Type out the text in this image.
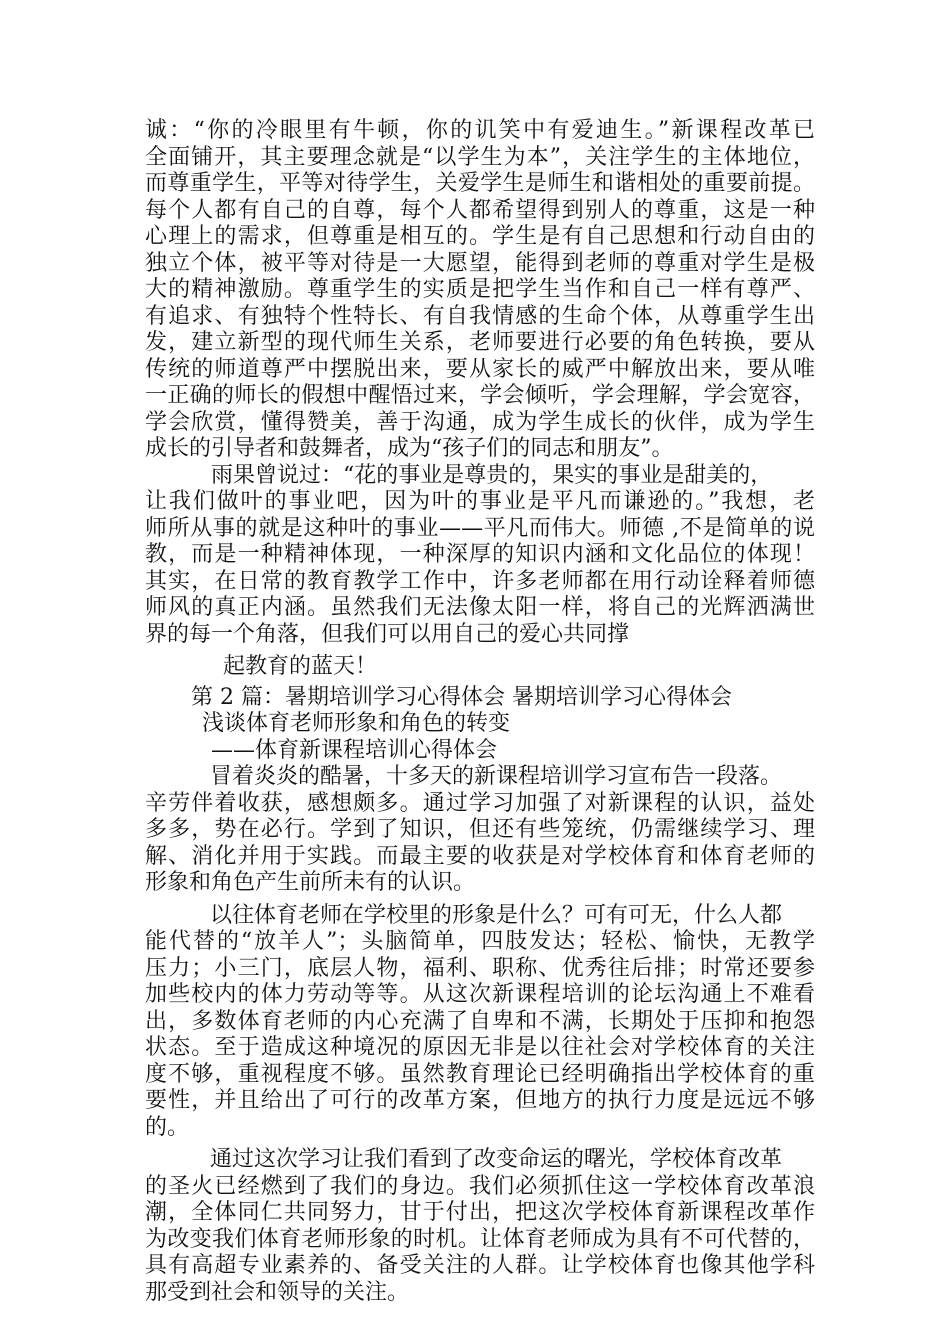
诚：“你的冷眼里有牛顿，你的讥笑中有爱迪生。”新课程改革已
全面铺开，其主要理念就是“以学生为本”，关注学生的主体地位，
而尊重学生，平等对待学生，关爱学生是师生和谐相处的重要前提。
每个人都有自己的自尊，每个人都希望得到别人的尊重，这是一种
心理上的需求，但尊重是相互的。学生是有自己思想和行动自由的
独立个体，被平等对待是一大愿望，能得到老师的尊重对学生是极
大的精神激励。尊重学生的实质是把学生当作和自己一样有尊严、
有追求、有独特个性特长、有自我情感的生命个体，从尊重学生出
发，建立新型的现代师生关系，老师要进行必要的角色转换，要从
传统的师道尊严中摆脱出来，要从家长的威严中解放出来，要从唯
一正确的师长的假想中醒悟过来，学会倾听，学会理解，学会宽容，
学会欣赏，懂得赞美，善于沟通，成为学生成长的伙伴，成为学生
成长的引导者和鼓舞者，成为“孩子们的同志和朋友”。
雨果曾说过：“花的事业是尊贵的，果实的事业是甜美的，
让我们做叶的事业吧，因为叶的事业是平凡而谦逊的。”我想，老
师所从事的就是这种叶的事业——平凡而伟大。师德 ,不是简单的说
教，而是一种精神体现，一种深厚的知识内涵和文化品位的体现！
其实，在日常的教育教学工作中，许多老师都在用行动诠释着师德
师风的真正内涵。虽然我们无法像太阳一样，将自己的光辉洒满世
界的每一个角落，但我们可以用自己的爱心共同撑
起教育的蓝天！
第 2 篇：暑期培训学习心得体会 暑期培训学习心得体会
浅谈体育老师形象和角色的转变
——体育新课程培训心得体会
冒着炎炎的酷暑，十多天的新课程培训学习宣布告一段落。
辛劳伴着收获，感想颇多。通过学习加强了对新课程的认识，益处
多多，势在必行。学到了知识，但还有些笼统，仍需继续学习、理
解、消化并用于实践。而最主要的收获是对学校体育和体育老师的
形象和角色产生前所未有的认识。
以往体育老师在学校里的形象是什么？可有可无，什么人都
能代替的“放羊人”；头脑简单，四肢发达；轻松、愉快，无教学
压力；小三门，底层人物，福利、职称、优秀往后排；时常还要参
加些校内的体力劳动等等。从这次新课程培训的论坛沟通上不难看
出，多数体育老师的内心充满了自卑和不满，长期处于压抑和抱怨
状态。至于造成这种境况的原因无非是以往社会对学校体育的关注
度不够，重视程度不够。虽然教育理论已经明确指出学校体育的重
要性，并且给出了可行的改革方案，但地方的执行力度是远远不够
的。
通过这次学习让我们看到了改变命运的曙光，学校体育改革
的圣火已经燃到了我们的身边。我们必须抓住这一学校体育改革浪
潮，全体同仁共同努力，甘于付出，把这次学校体育新课程改革作
为改变我们体育老师形象的时机。让体育老师成为具有不可代替的，
具有高超专业素养的、备受关注的人群。让学校体育也像其他学科
那受到社会和领导的关注。
